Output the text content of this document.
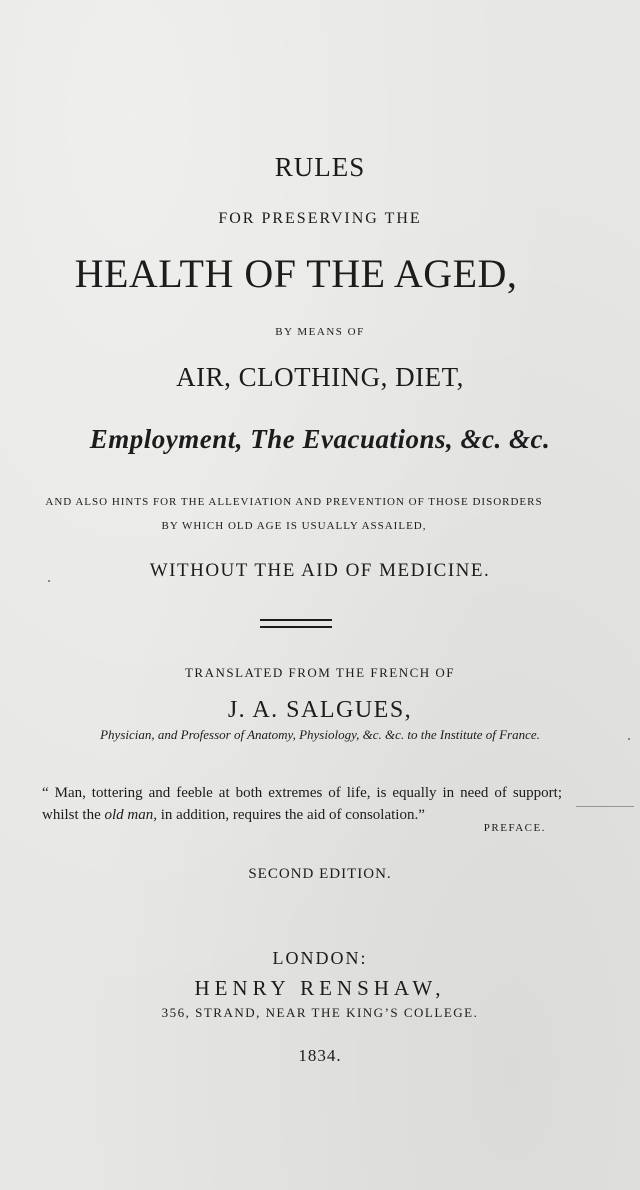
RULES
FOR PRESERVING THE
HEALTH OF THE AGED,
BY MEANS OF
AIR, CLOTHING, DIET,
Employment, The Evacuations, &c. &c.
AND ALSO HINTS FOR THE ALLEVIATION AND PREVENTION OF THOSE DISORDERS BY WHICH OLD AGE IS USUALLY ASSAILED,
WITHOUT THE AID OF MEDICINE.
TRANSLATED FROM THE FRENCH OF
J. A. SALGUES,
Physician, and Professor of Anatomy, Physiology, &c. &c. to the Institute of France.
“ Man, tottering and feeble at both extremes of life, is equally in need of support; whilst the old man, in addition, requires the aid of consolation.”
PREFACE.
SECOND EDITION.
LONDON:
HENRY RENSHAW,
356, STRAND, NEAR THE KING’S COLLEGE.
1834.
